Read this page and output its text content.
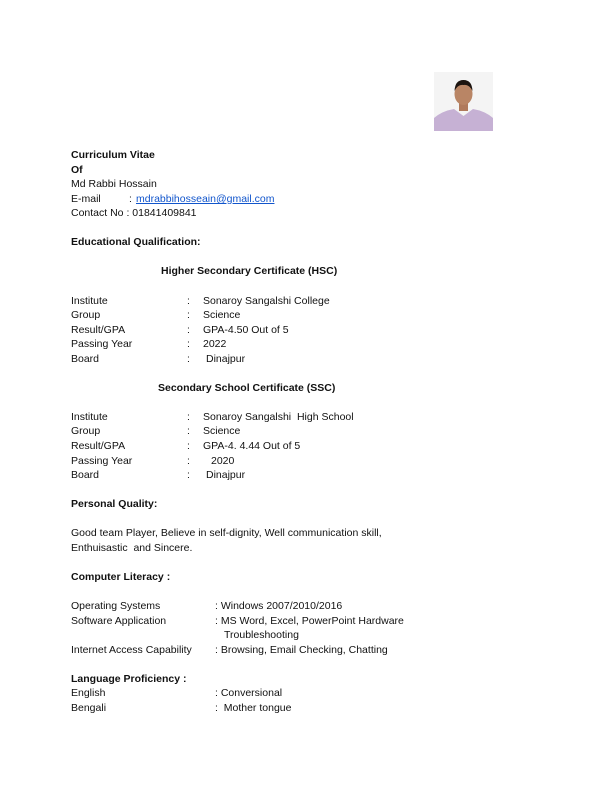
Curriculum Vitae
Of
Md Rabbi Hossain
E-mail	: mdrabbihosseain@gmail.com
Contact No : 01841409841
Educational Qualification:
Higher Secondary Certificate (HSC)
Institute	: Sonaroy Sangalshi College
Group	: Science
Result/GPA	: GPA-4.50 Out of 5
Passing Year	: 2022
Board	: Dinajpur
Secondary School Certificate (SSC)
Institute	: Sonaroy Sangalshi  High School
Group	: Science
Result/GPA	: GPA-4. 4.44 Out of 5
Passing Year	: 2020
Board	: Dinajpur
Personal Quality:
Good team Player, Believe in self-dignity, Well communication skill,
Enthuisastic  and Sincere.
Computer Literacy :
Operating Systems	: Windows 2007/2010/2016
Software Application	: MS Word, Excel, PowerPoint Hardware
Troubleshooting
Internet Access Capability : Browsing, Email Checking, Chatting
Language Proficiency :
English	: Conversional
Bengali	:  Mother tongue
